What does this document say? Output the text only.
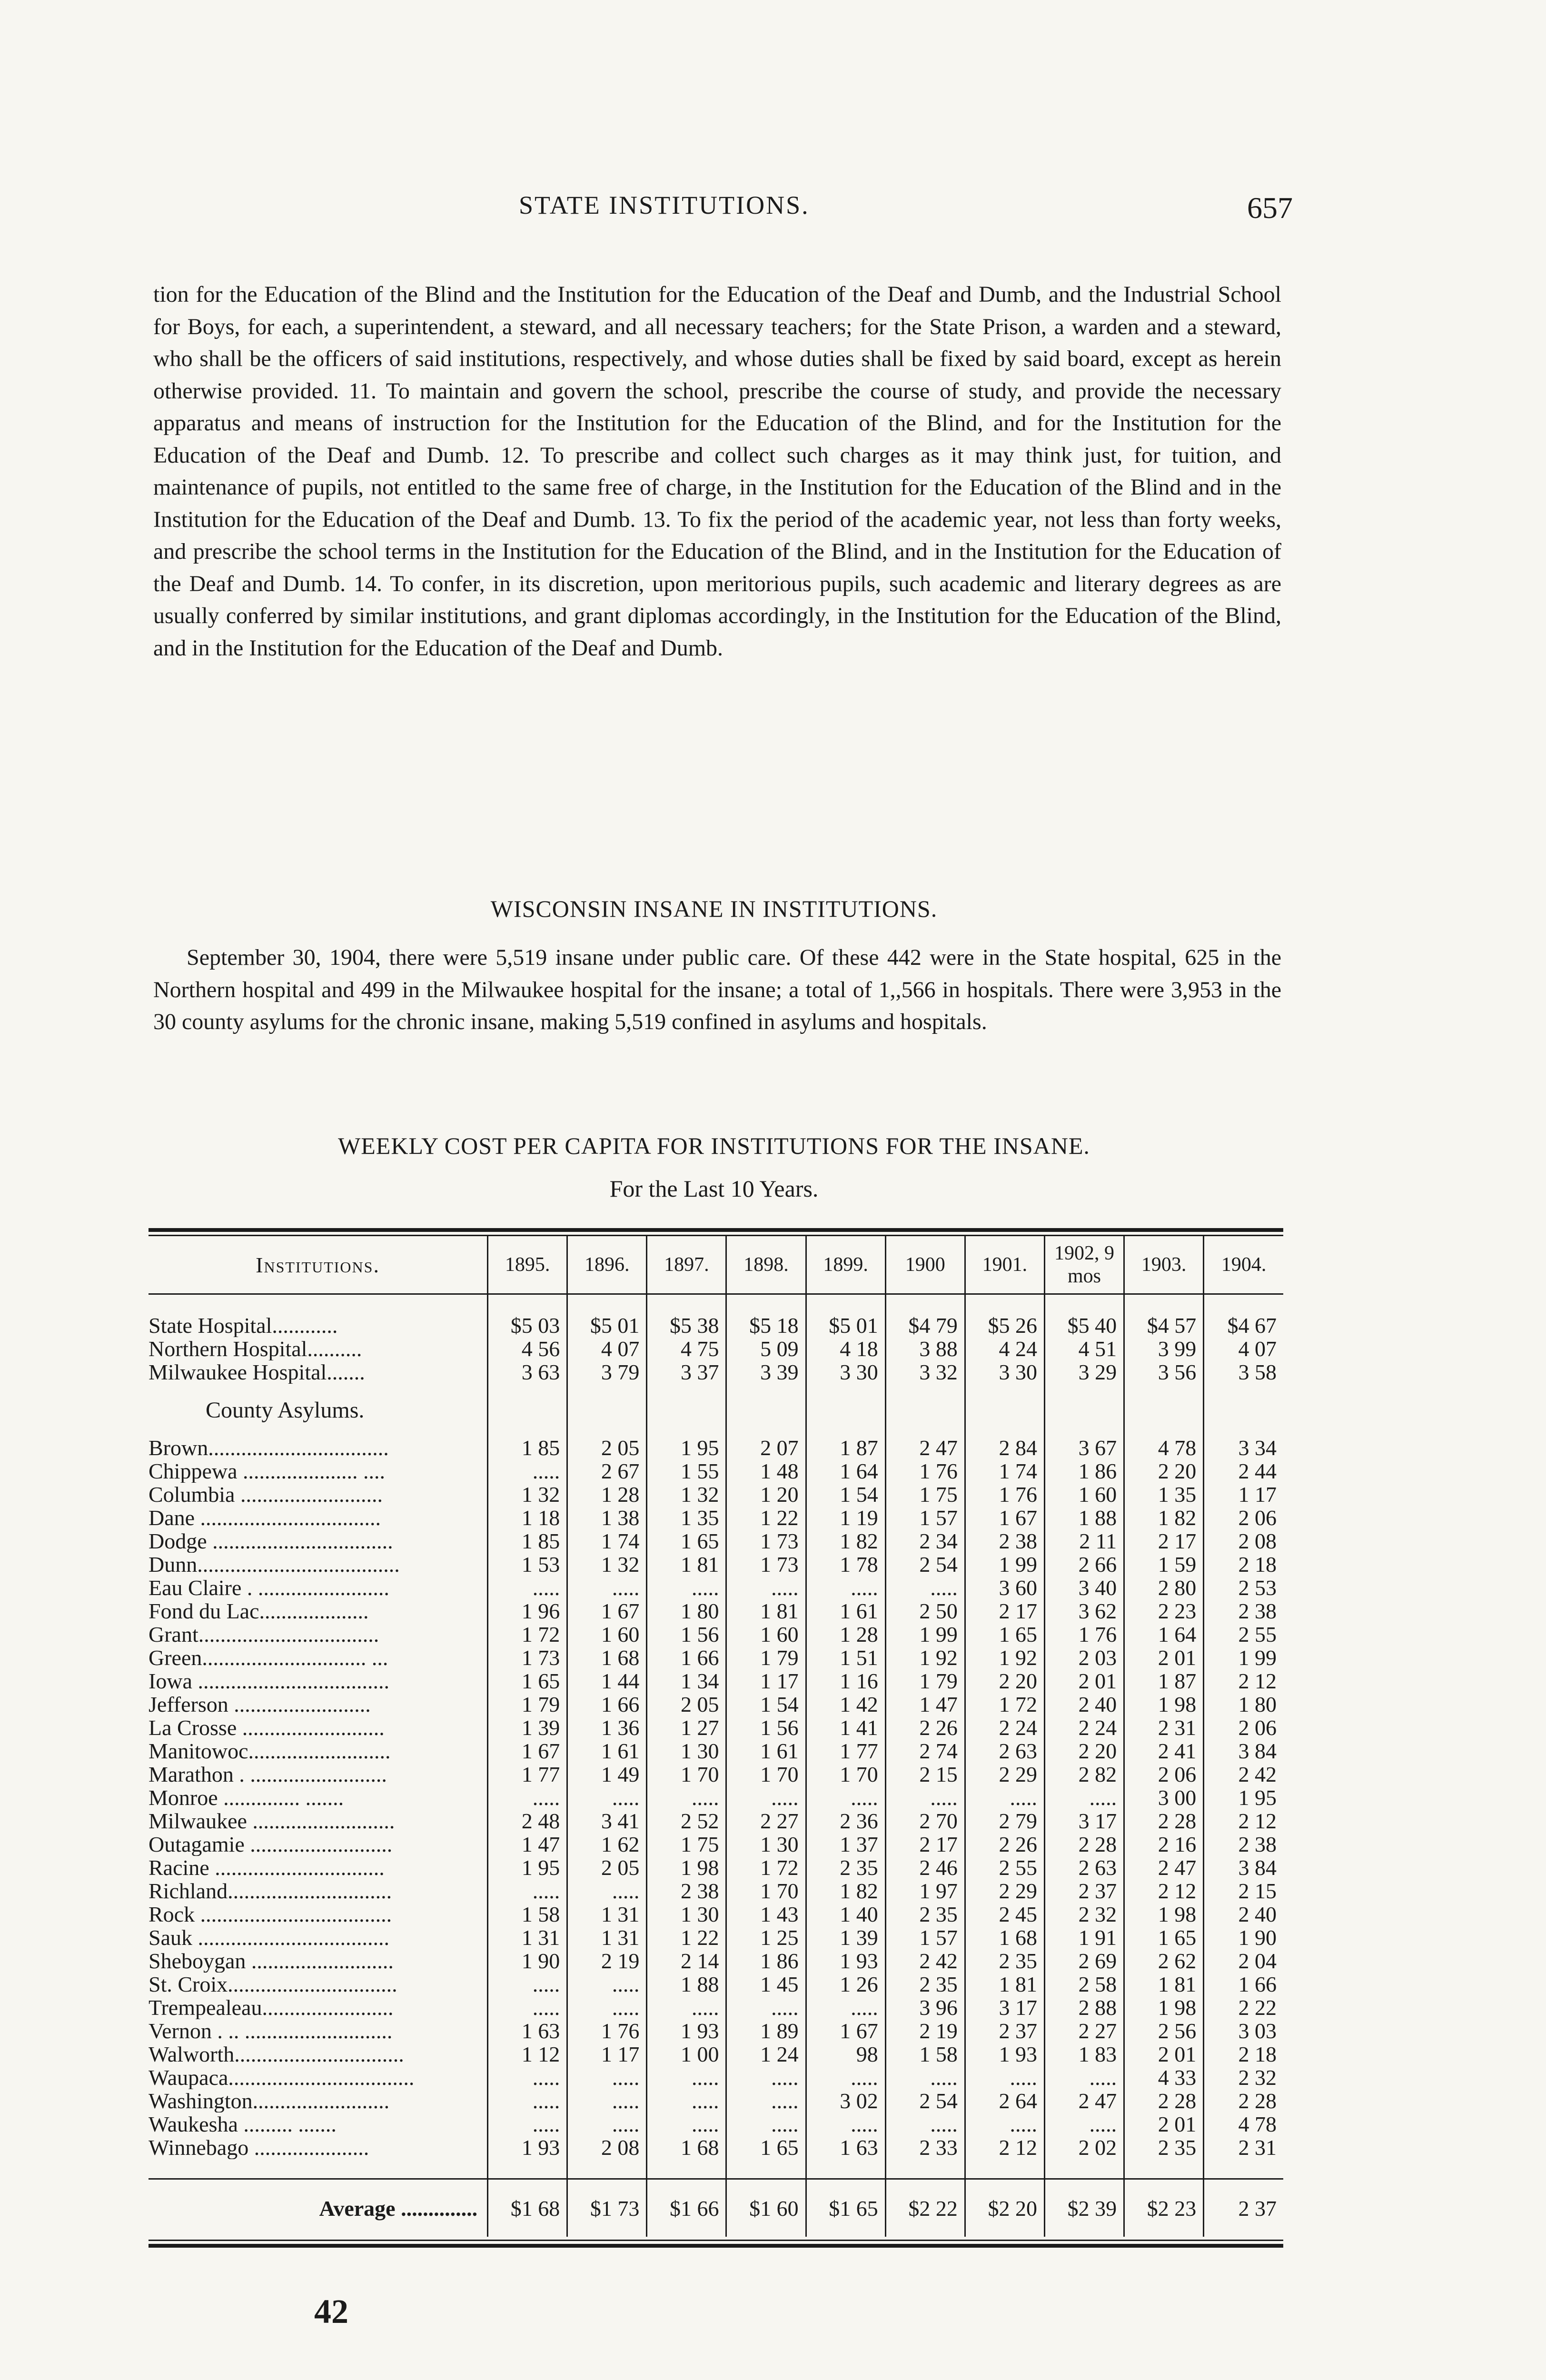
STATE INSTITUTIONS.	657

tion for the Education of the Blind and the Institution for the Education of the Deaf and Dumb, and the Industrial School for Boys, for each, a superintendent, a steward, and all necessary teachers; for the State Prison, a warden and a steward, who shall be the officers of said institutions, respectively, and whose duties shall be fixed by said board, except as herein otherwise provided. 11. To maintain and govern the school, prescribe the course of study, and provide the necessary apparatus and means of instruction for the Institution for the Education of the Blind, and for the Institution for the Education of the Deaf and Dumb. 12. To prescribe and collect such charges as it may think just, for tuition, and maintenance of pupils, not entitled to the same free of charge, in the Institution for the Education of the Blind and in the Institution for the Education of the Deaf and Dumb. 13. To fix the period of the academic year, not less than forty weeks, and prescribe the school terms in the Institution for the Education of the Blind, and in the Institution for the Education of the Deaf and Dumb. 14. To confer, in its discretion, upon meritorious pupils, such academic and literary degrees as are usually conferred by similar institutions, and grant diplomas accordingly, in the Institution for the Education of the Blind, and in the Institution for the Education of the Deaf and Dumb.

WISCONSIN INSANE IN INSTITUTIONS.

September 30, 1904, there were 5,519 insane under public care. Of these 442 were in the State hospital, 625 in the Northern hospital and 499 in the Milwaukee hospital for the insane; a total of 1,,566 in hospitals. There were 3,953 in the 30 county asylums for the chronic insane, making 5,519 confined in asylums and hospitals.

WEEKLY COST PER CAPITA FOR INSTITUTIONS FOR THE INSANE.
For the Last 10 Years.
Institutions.	1895.	1896.	1897.	1898.	1899.	1900	1901.	1902, 9 mos	1903.	1904.

State Hospital............	$5 03	$5 01	$5 38	$5 18	$5 01	$4 79	$5 26	$5 40	$4 57	$4 67
Northern Hospital..........	4 56	4 07	4 75	5 09	4 18	3 88	4 24	4 51	3 99	4 07
Milwaukee Hospital.......	3 63	3 79	3 37	3 39	3 30	3 32	3 30	3 29	3 56	3 58
County Asylums.										
Brown.................................	1 85	2 05	1 95	2 07	1 87	2 47	2 84	3 67	4 78	3 34
Chippewa ..................... ....	.....	2 67	1 55	1 48	1 64	1 76	1 74	1 86	2 20	2 44
Columbia ..........................	1 32	1 28	1 32	1 20	1 54	1 75	1 76	1 60	1 35	1 17
Dane .................................	1 18	1 38	1 35	1 22	1 19	1 57	1 67	1 88	1 82	2 06
Dodge .................................	1 85	1 74	1 65	1 73	1 82	2 34	2 38	2 11	2 17	2 08
Dunn.....................................	1 53	1 32	1 81	1 73	1 78	2 54	1 99	2 66	1 59	2 18
Eau Claire . ........................	.....	.....	.....	.....	.....	.....	3 60	3 40	2 80	2 53
Fond du Lac....................	1 96	1 67	1 80	1 81	1 61	2 50	2 17	3 62	2 23	2 38
Grant.................................	1 72	1 60	1 56	1 60	1 28	1 99	1 65	1 76	1 64	2 55
Green.............................. ...	1 73	1 68	1 66	1 79	1 51	1 92	1 92	2 03	2 01	1 99
Iowa ...................................	1 65	1 44	1 34	1 17	1 16	1 79	2 20	2 01	1 87	2 12
Jefferson .........................	1 79	1 66	2 05	1 54	1 42	1 47	1 72	2 40	1 98	1 80
La Crosse ..........................	1 39	1 36	1 27	1 56	1 41	2 26	2 24	2 24	2 31	2 06
Manitowoc..........................	1 67	1 61	1 30	1 61	1 77	2 74	2 63	2 20	2 41	3 84
Marathon . .........................	1 77	1 49	1 70	1 70	1 70	2 15	2 29	2 82	2 06	2 42
Monroe .............. .......	.....	.....	.....	.....	.....	.....	.....	.....	3 00	1 95
Milwaukee ..........................	2 48	3 41	2 52	2 27	2 36	2 70	2 79	3 17	2 28	2 12
Outagamie ..........................	1 47	1 62	1 75	1 30	1 37	2 17	2 26	2 28	2 16	2 38
Racine ...............................	1 95	2 05	1 98	1 72	2 35	2 46	2 55	2 63	2 47	3 84
Richland..............................	.....	.....	2 38	1 70	1 82	1 97	2 29	2 37	2 12	2 15
Rock ...................................	1 58	1 31	1 30	1 43	1 40	2 35	2 45	2 32	1 98	2 40
Sauk ...................................	1 31	1 31	1 22	1 25	1 39	1 57	1 68	1 91	1 65	1 90
Sheboygan ..........................	1 90	2 19	2 14	1 86	1 93	2 42	2 35	2 69	2 62	2 04
St. Croix...............................	.....	.....	1 88	1 45	1 26	2 35	1 81	2 58	1 81	1 66
Trempealeau........................	.....	.....	.....	.....	.....	3 96	3 17	2 88	1 98	2 22
Vernon . .. ...........................	1 63	1 76	1 93	1 89	1 67	2 19	2 37	2 27	2 56	3 03
Walworth...............................	1 12	1 17	1 00	1 24	98	1 58	1 93	1 83	2 01	2 18
Waupaca..................................	.....	.....	.....	.....	.....	.....	.....	.....	4 33	2 32
Washington.........................	.....	.....	.....	.....	3 02	2 54	2 64	2 47	2 28	2 28
Waukesha ......... .......	.....	.....	.....	.....	.....	.....	.....	.....	2 01	4 78
Winnebago .....................	1 93	2 08	1 68	1 65	1 63	2 33	2 12	2 02	2 35	2 31

Average ..............	$1 68	$1 73	$1 66	$1 60	$1 65	$2 22	$2 20	$2 39	$2 23	2 37
42
